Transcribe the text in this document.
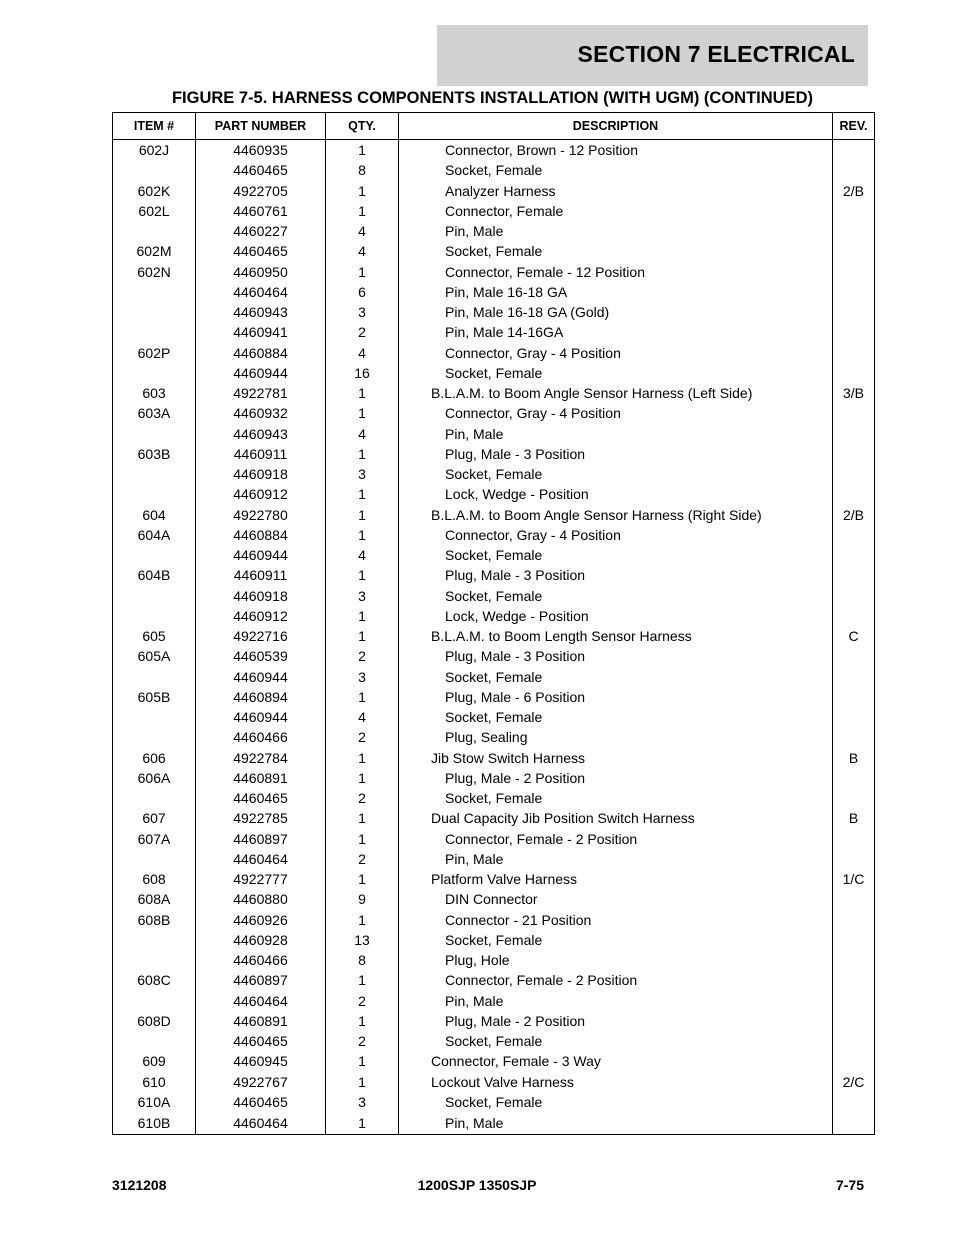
SECTION 7 ELECTRICAL
FIGURE 7-5. HARNESS COMPONENTS INSTALLATION (WITH UGM) (CONTINUED)
ITEM #	PART NUMBER	QTY.	DESCRIPTION	REV.
602J	4460935	1	Connector, Brown - 12 Position	
	4460465	8	Socket, Female	
602K	4922705	1	Analyzer Harness	2/B
602L	4460761	1	Connector, Female	
	4460227	4	Pin, Male	
602M	4460465	4	Socket, Female	
602N	4460950	1	Connector, Female - 12 Position	
	4460464	6	Pin, Male 16-18 GA	
	4460943	3	Pin, Male 16-18 GA (Gold)	
	4460941	2	Pin, Male 14-16GA	
602P	4460884	4	Connector, Gray - 4 Position	
	4460944	16	Socket, Female	
603	4922781	1	B.L.A.M. to Boom Angle Sensor Harness (Left Side)	3/B
603A	4460932	1	Connector, Gray - 4 Position	
	4460943	4	Pin, Male	
603B	4460911	1	Plug, Male - 3 Position	
	4460918	3	Socket, Female	
	4460912	1	Lock, Wedge - Position	
604	4922780	1	B.L.A.M. to Boom Angle Sensor Harness (Right Side)	2/B
604A	4460884	1	Connector, Gray - 4 Position	
	4460944	4	Socket, Female	
604B	4460911	1	Plug, Male - 3 Position	
	4460918	3	Socket, Female	
	4460912	1	Lock, Wedge - Position	
605	4922716	1	B.L.A.M. to Boom Length Sensor Harness	C
605A	4460539	2	Plug, Male - 3 Position	
	4460944	3	Socket, Female	
605B	4460894	1	Plug, Male - 6 Position	
	4460944	4	Socket, Female	
	4460466	2	Plug, Sealing	
606	4922784	1	Jib Stow Switch Harness	B
606A	4460891	1	Plug, Male - 2 Position	
	4460465	2	Socket, Female	
607	4922785	1	Dual Capacity Jib Position Switch Harness	B
607A	4460897	1	Connector, Female - 2 Position	
	4460464	2	Pin, Male	
608	4922777	1	Platform Valve Harness	1/C
608A	4460880	9	DIN Connector	
608B	4460926	1	Connector - 21 Position	
	4460928	13	Socket, Female	
	4460466	8	Plug, Hole	
608C	4460897	1	Connector, Female - 2 Position	
	4460464	2	Pin, Male	
608D	4460891	1	Plug, Male - 2 Position	
	4460465	2	Socket, Female	
609	4460945	1	Connector, Female - 3 Way	
610	4922767	1	Lockout Valve Harness	2/C
610A	4460465	3	Socket, Female	
610B	4460464	1	Pin, Male	
3121208	1200SJP 1350SJP	7-75
